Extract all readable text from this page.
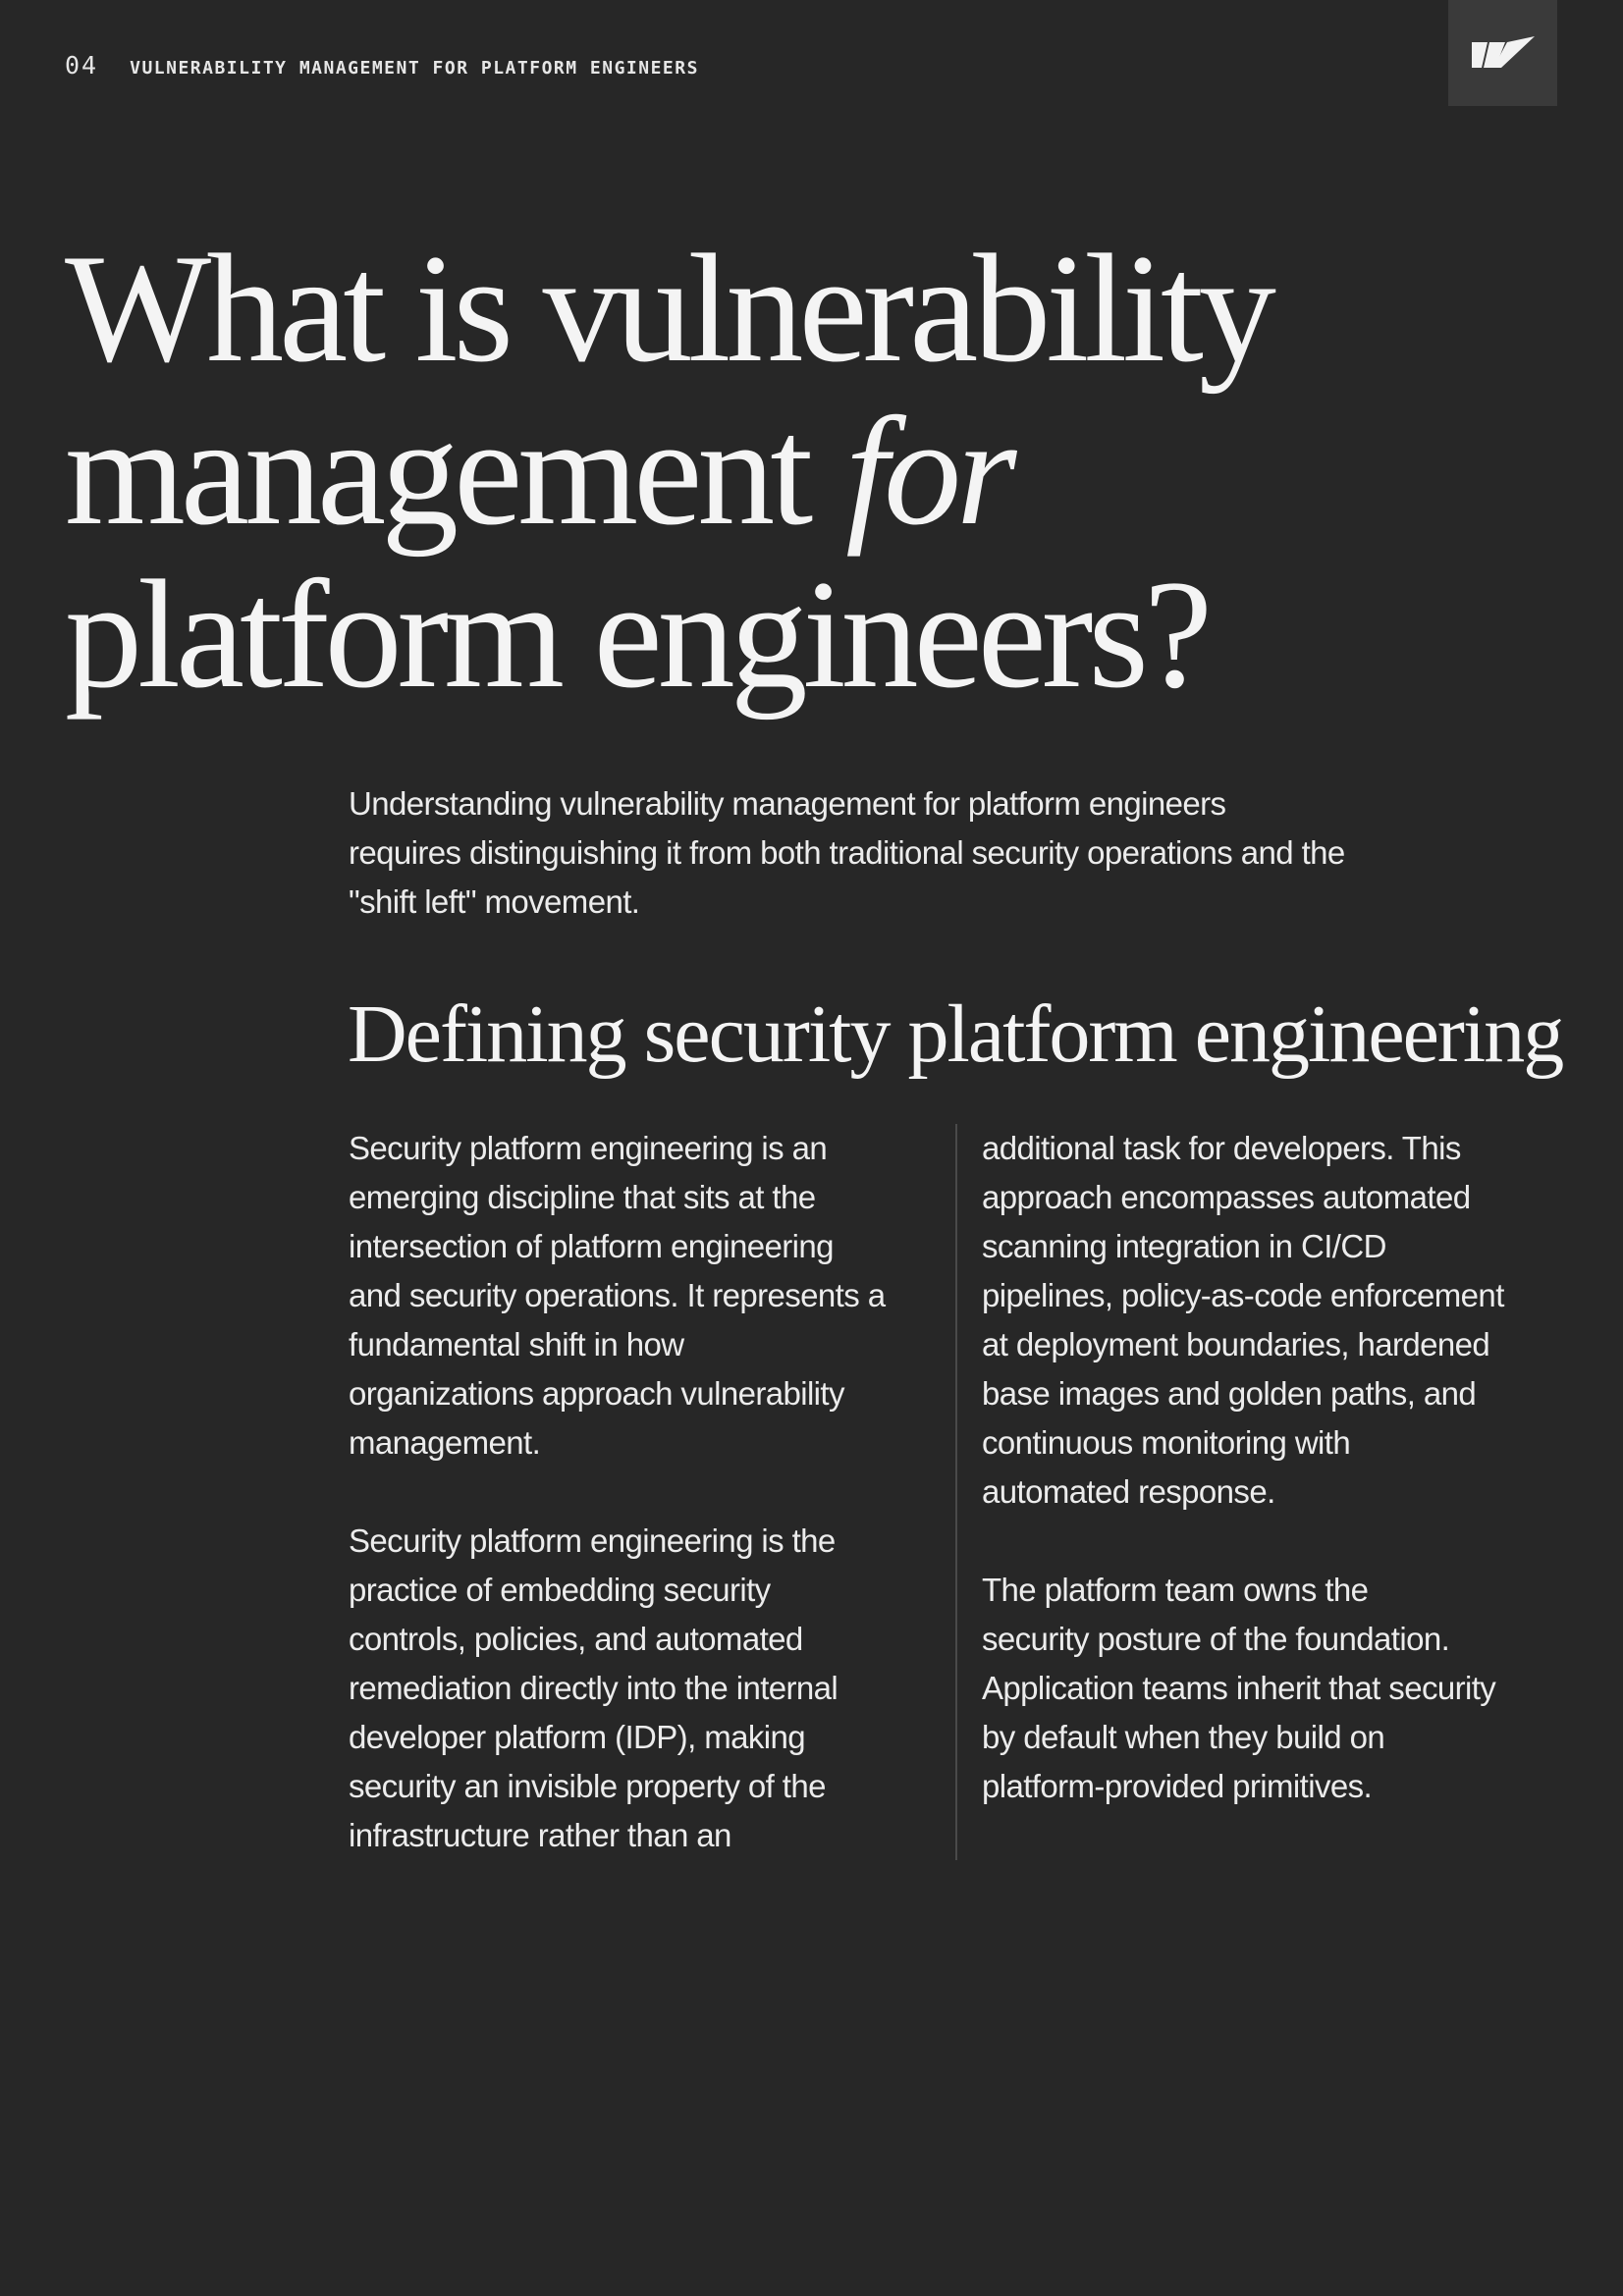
04 VULNERABILITY MANAGEMENT FOR PLATFORM ENGINEERS
What is vulnerability
management for
platform engineers?

Understanding vulnerability management for platform engineers
requires distinguishing it from both traditional security operations and the
"shift left" movement.

Defining security platform engineering

Security platform engineering is an
emerging discipline that sits at the
intersection of platform engineering
and security operations. It represents a
fundamental shift in how
organizations approach vulnerability
management.

Security platform engineering is the
practice of embedding security
controls, policies, and automated
remediation directly into the internal
developer platform (IDP), making
security an invisible property of the
infrastructure rather than an

additional task for developers. This
approach encompasses automated
scanning integration in CI/CD
pipelines, policy-as-code enforcement
at deployment boundaries, hardened
base images and golden paths, and
continuous monitoring with
automated response.

The platform team owns the
security posture of the foundation.
Application teams inherit that security
by default when they build on
platform-provided primitives.
